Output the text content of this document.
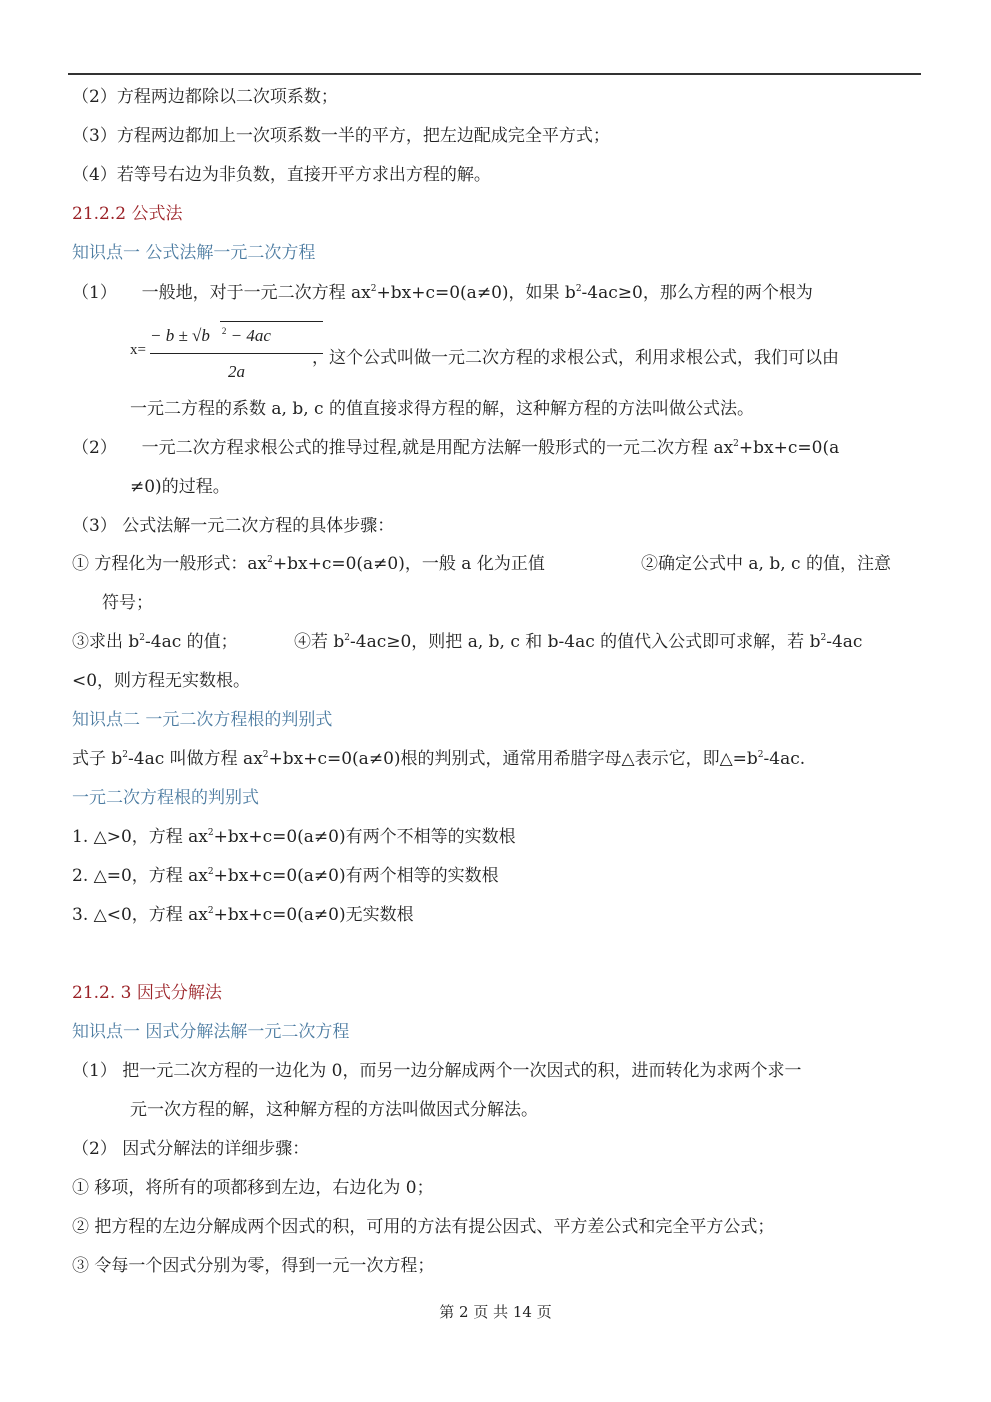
（2）方程两边都除以二次项系数；
（3）方程两边都加上一次项系数一半的平方，把左边配成完全平方式；
（4）若等号右边为非负数，直接开平方求出方程的解。
21.2.2 公式法
知识点一 公式法解一元二次方程
（1） 一般地，对于一元二次方程 $ax^2+bx+c=0(a\ne 0)$，如果 $b^2-4ac\ge 0$，那么方程的两个根为
x=
− b ± √b $^2$ − 4ac
2a
，这个公式叫做一元二次方程的求根公式，利用求根公式，我们可以由
一元二方程的系数 a, b, c 的值直接求得方程的解，这种解方程的方法叫做公式法。
（2） 一元二次方程求根公式的推导过程,就是用配方法解一般形式的一元二次方程 $ax^2+bx+c=0(a$
≠0)的过程。
（3） 公式法解一元二次方程的具体步骤：
① 方程化为一般形式：$ax^2+bx+c=0(a\ne 0)$，一般 a 化为正值	②确定公式中 a, b, c 的值，注意
符号；
③求出 $b^2-4ac$ 的值；	④若 $b^2-4ac\ge 0$，则把 a, b, c 和 b-4ac 的值代入公式即可求解，若 $b^2-4ac$
<0，则方程无实数根。
知识点二 一元二次方程根的判别式
式子 $b^2-4ac$ 叫做方程 $ax^2+bx+c=0(a\ne 0)$根的判别式，通常用希腊字母△表示它，即$\triangle=b^2-4ac$.
一元二次方程根的判别式
1. △>0，方程 $ax^2+bx+c=0(a\ne 0)$有两个不相等的实数根
2. △=0，方程 $ax^2+bx+c=0(a\ne 0)$有两个相等的实数根
3. △<0，方程 $ax^2+bx+c=0(a\ne 0)$无实数根
21.2. 3 因式分解法
知识点一 因式分解法解一元二次方程
（1） 把一元二次方程的一边化为 0，而另一边分解成两个一次因式的积，进而转化为求两个求一
元一次方程的解，这种解方程的方法叫做因式分解法。
（2） 因式分解法的详细步骤：
① 移项，将所有的项都移到左边，右边化为 0；
② 把方程的左边分解成两个因式的积，可用的方法有提公因式、平方差公式和完全平方公式；
③ 令每一个因式分别为零，得到一元一次方程；
第 2 页 共 14 页
